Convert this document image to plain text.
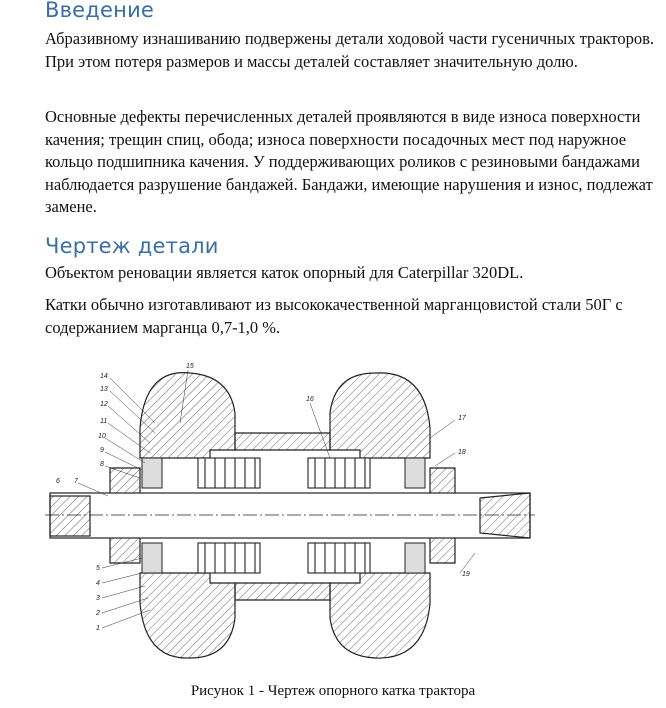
Введение

Абразивному изнашиванию подвержены детали ходовой части гусеничных тракторов. При этом потеря размеров и массы деталей составляет значительную долю.

Основные дефекты перечисленных деталей проявляются в виде износа поверхности качения; трещин спиц, обода; износа поверхности посадочных мест под наружное кольцо подшипника качения. У поддерживающих роликов с резиновыми бандажами наблюдается разрушение бандажей. Бандажи, имеющие нарушения и износ, подлежат замене.

Чертеж детали

Объектом реновации является каток опорный для Caterpillar 320DL.

Катки обычно изготавливают из высококачественной марганцовистой стали 50Г с содержанием марганца 0,7-1,0 %.

14
13
12
11
10
9
8
7
6
5
4
3
2
1
15
16
17
18
19
Рисунок 1 - Чертеж опорного катка трактора
